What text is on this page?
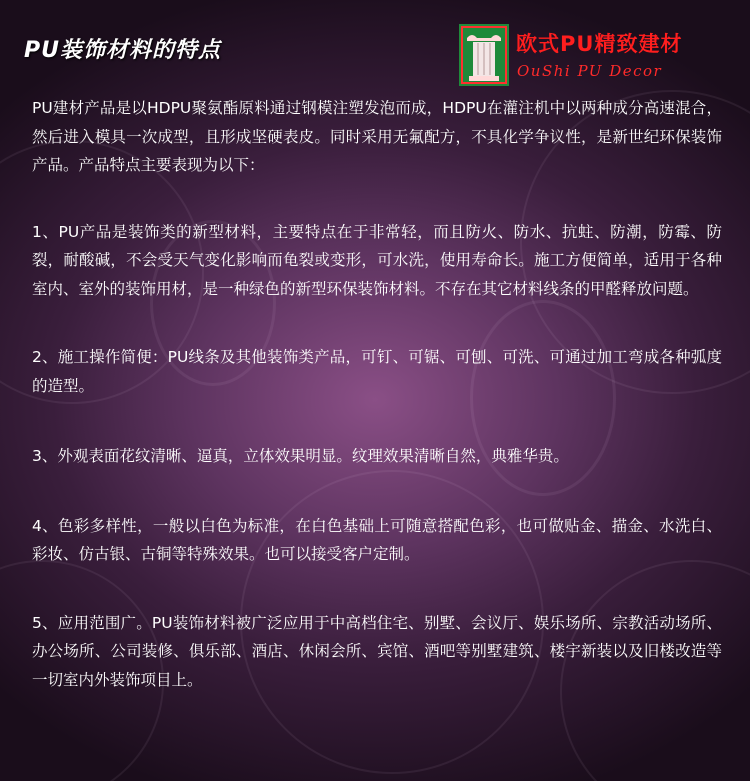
PU装饰材料的特点	欧式PU精致建材
OuShi PU Decor

PU建材产品是以HDPU聚氨酯原料通过钢模注塑发泡而成，HDPU在灌注机中以两种成分高速混合，然后进入模具一次成型，且形成坚硬表皮。同时采用无氟配方，不具化学争议性，是新世纪环保装饰产品。产品特点主要表现为以下：

1、PU产品是装饰类的新型材料，主要特点在于非常轻，而且防火、防水、抗蛀、防潮，防霉、防裂，耐酸碱，不会受天气变化影响而龟裂或变形，可水洗，使用寿命长。施工方便简单，适用于各种室内、室外的装饰用材，是一种绿色的新型环保装饰材料。不存在其它材料线条的甲醛释放问题。

2、施工操作简便：PU线条及其他装饰类产品，可钉、可锯、可刨、可洗、可通过加工弯成各种弧度的造型。

3、外观表面花纹清晰、逼真，立体效果明显。纹理效果清晰自然，典雅华贵。

4、色彩多样性，一般以白色为标准，在白色基础上可随意搭配色彩，也可做贴金、描金、水洗白、彩妆、仿古银、古铜等特殊效果。也可以接受客户定制。

5、应用范围广。PU装饰材料被广泛应用于中高档住宅、别墅、会议厅、娱乐场所、宗教活动场所、办公场所、公司装修、俱乐部、酒店、休闲会所、宾馆、酒吧等别墅建筑、楼宇新装以及旧楼改造等一切室内外装饰项目上。
